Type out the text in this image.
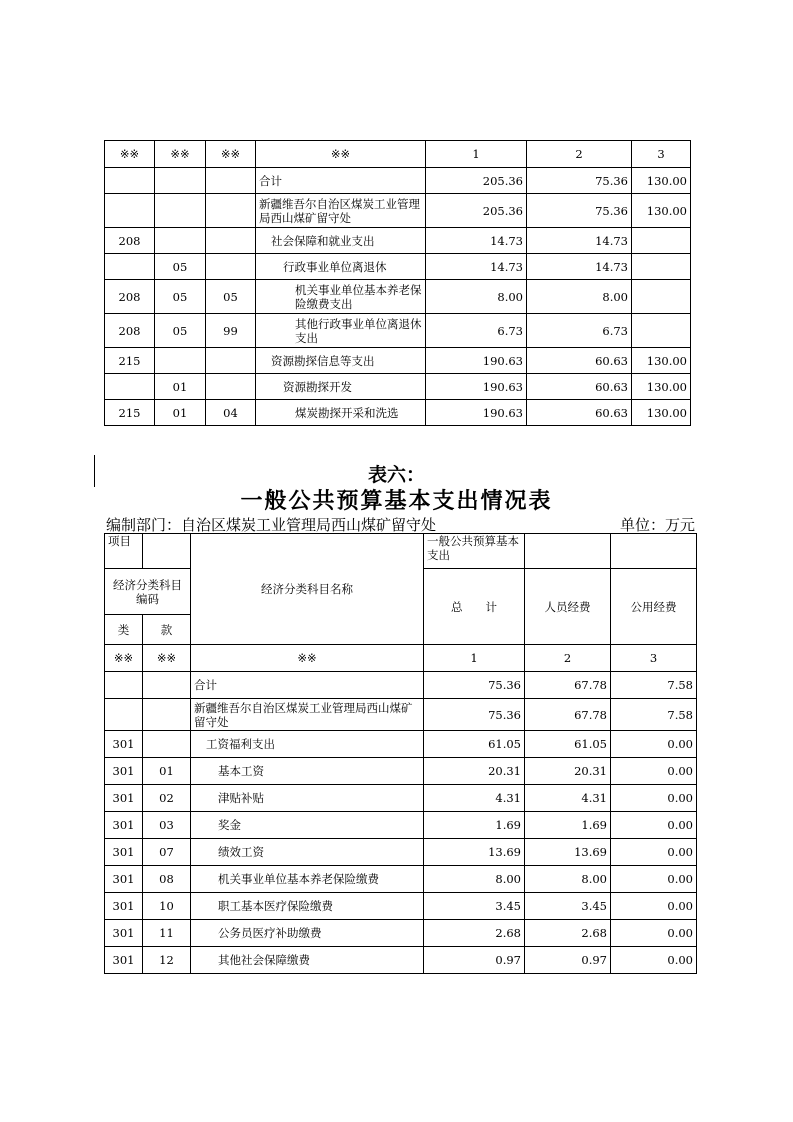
※※	※※	※※	※※	1	2	3
			合计	205.36	75.36	130.00
			新疆维吾尔自治区煤炭工业管理局西山煤矿留守处	205.36	75.36	130.00
208			社会保障和就业支出	14.73	14.73	
	05		行政事业单位离退休	14.73	14.73	
208	05	05	机关事业单位基本养老保险缴费支出	8.00	8.00	
208	05	99	其他行政事业单位离退休支出	6.73	6.73	
215			资源勘探信息等支出	190.63	60.63	130.00
	01		资源勘探开发	190.63	60.63	130.00
215	01	04	煤炭勘探开采和洗选	190.63	60.63	130.00
表六：
一般公共预算基本支出情况表
编制部门：自治区煤炭工业管理局西山煤矿留守处	单位：万元
项目		经济分类科目名称	一般公共预算基本支出		
经济分类科目编码			总　　计	人员经费	公用经费
类	款				
※※	※※	※※	1	2	3
		合计	75.36	67.78	7.58
		新疆维吾尔自治区煤炭工业管理局西山煤矿留守处	75.36	67.78	7.58
301		工资福利支出	61.05	61.05	0.00
301	01	基本工资	20.31	20.31	0.00
301	02	津贴补贴	4.31	4.31	0.00
301	03	奖金	1.69	1.69	0.00
301	07	绩效工资	13.69	13.69	0.00
301	08	机关事业单位基本养老保险缴费	8.00	8.00	0.00
301	10	职工基本医疗保险缴费	3.45	3.45	0.00
301	11	公务员医疗补助缴费	2.68	2.68	0.00
301	12	其他社会保障缴费	0.97	0.97	0.00
